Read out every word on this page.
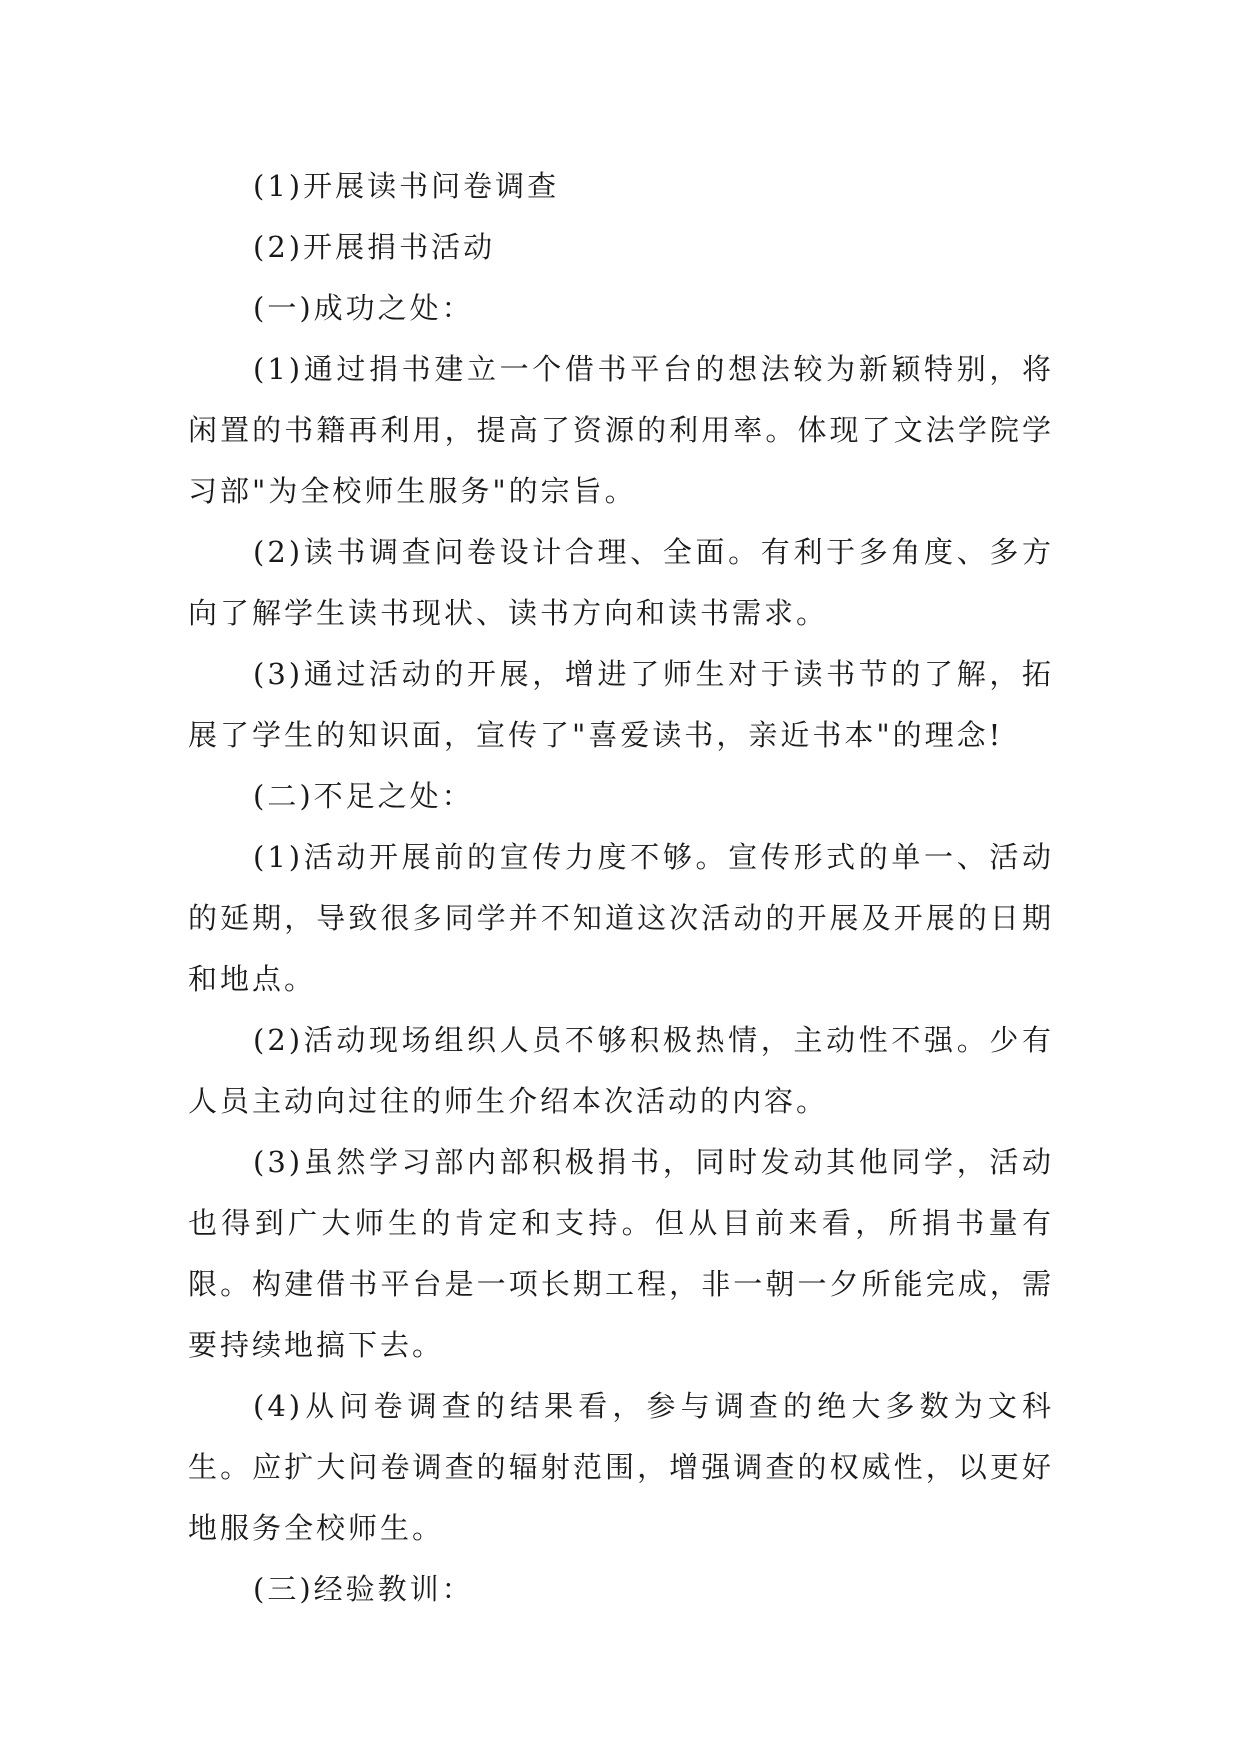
(1)开展读书问卷调查

(2)开展捐书活动

(一)成功之处：

(1)通过捐书建立一个借书平台的想法较为新颖特别，将闲置的书籍再利用，提高了资源的利用率。体现了文法学院学习部"为全校师生服务"的宗旨。

(2)读书调查问卷设计合理、全面。有利于多角度、多方向了解学生读书现状、读书方向和读书需求。

(3)通过活动的开展，增进了师生对于读书节的了解，拓展了学生的知识面，宣传了"喜爱读书，亲近书本"的理念!

(二)不足之处：

(1)活动开展前的宣传力度不够。宣传形式的单一、活动的延期，导致很多同学并不知道这次活动的开展及开展的日期和地点。

(2)活动现场组织人员不够积极热情，主动性不强。少有人员主动向过往的师生介绍本次活动的内容。

(3)虽然学习部内部积极捐书，同时发动其他同学，活动也得到广大师生的肯定和支持。但从目前来看，所捐书量有限。构建借书平台是一项长期工程，非一朝一夕所能完成，需要持续地搞下去。

(4)从问卷调查的结果看，参与调查的绝大多数为文科生。应扩大问卷调查的辐射范围，增强调查的权威性，以更好地服务全校师生。

(三)经验教训：
